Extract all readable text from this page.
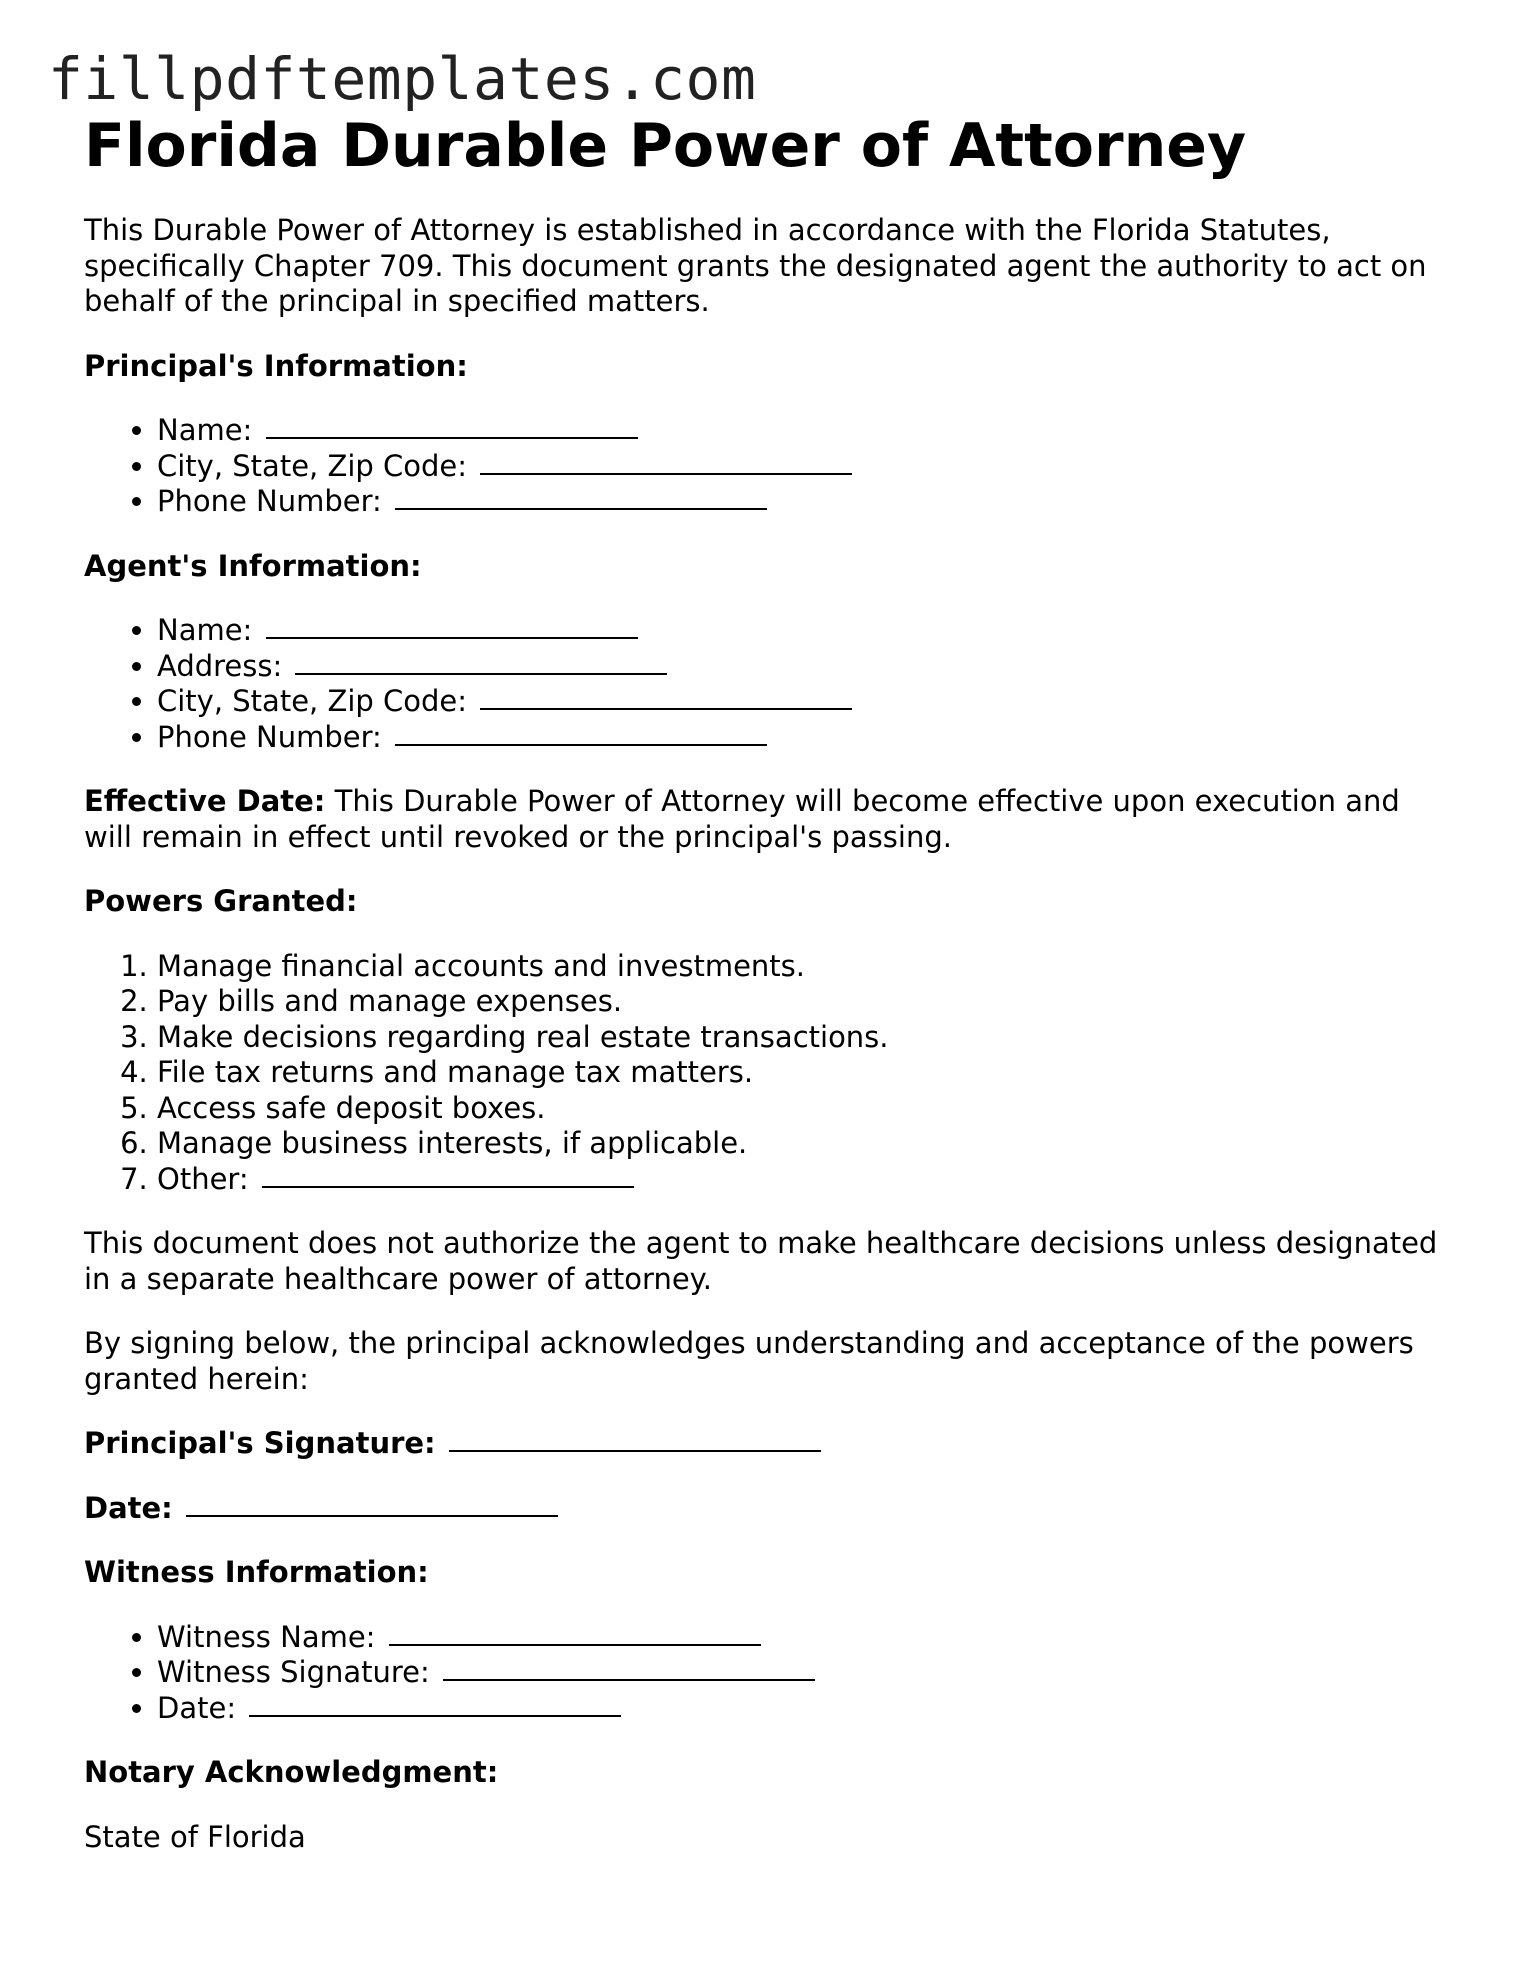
fillpdftemplates.com
Florida Durable Power of Attorney

This Durable Power of Attorney is established in accordance with the Florida Statutes, specifically Chapter 709. This document grants the designated agent the authority to act on behalf of the principal in specified matters.

Principal's Information:

• Name:
• City, State, Zip Code:
• Phone Number:

Agent's Information:

• Name:
• Address:
• City, State, Zip Code:
• Phone Number:

Effective Date: This Durable Power of Attorney will become effective upon execution and will remain in effect until revoked or the principal's passing.

Powers Granted:

1. Manage financial accounts and investments.
2. Pay bills and manage expenses.
3. Make decisions regarding real estate transactions.
4. File tax returns and manage tax matters.
5. Access safe deposit boxes.
6. Manage business interests, if applicable.
7. Other:

This document does not authorize the agent to make healthcare decisions unless designated in a separate healthcare power of attorney.

By signing below, the principal acknowledges understanding and acceptance of the powers granted herein:

Principal's Signature:

Date:

Witness Information:

• Witness Name:
• Witness Signature:
• Date:

Notary Acknowledgment:

State of Florida
